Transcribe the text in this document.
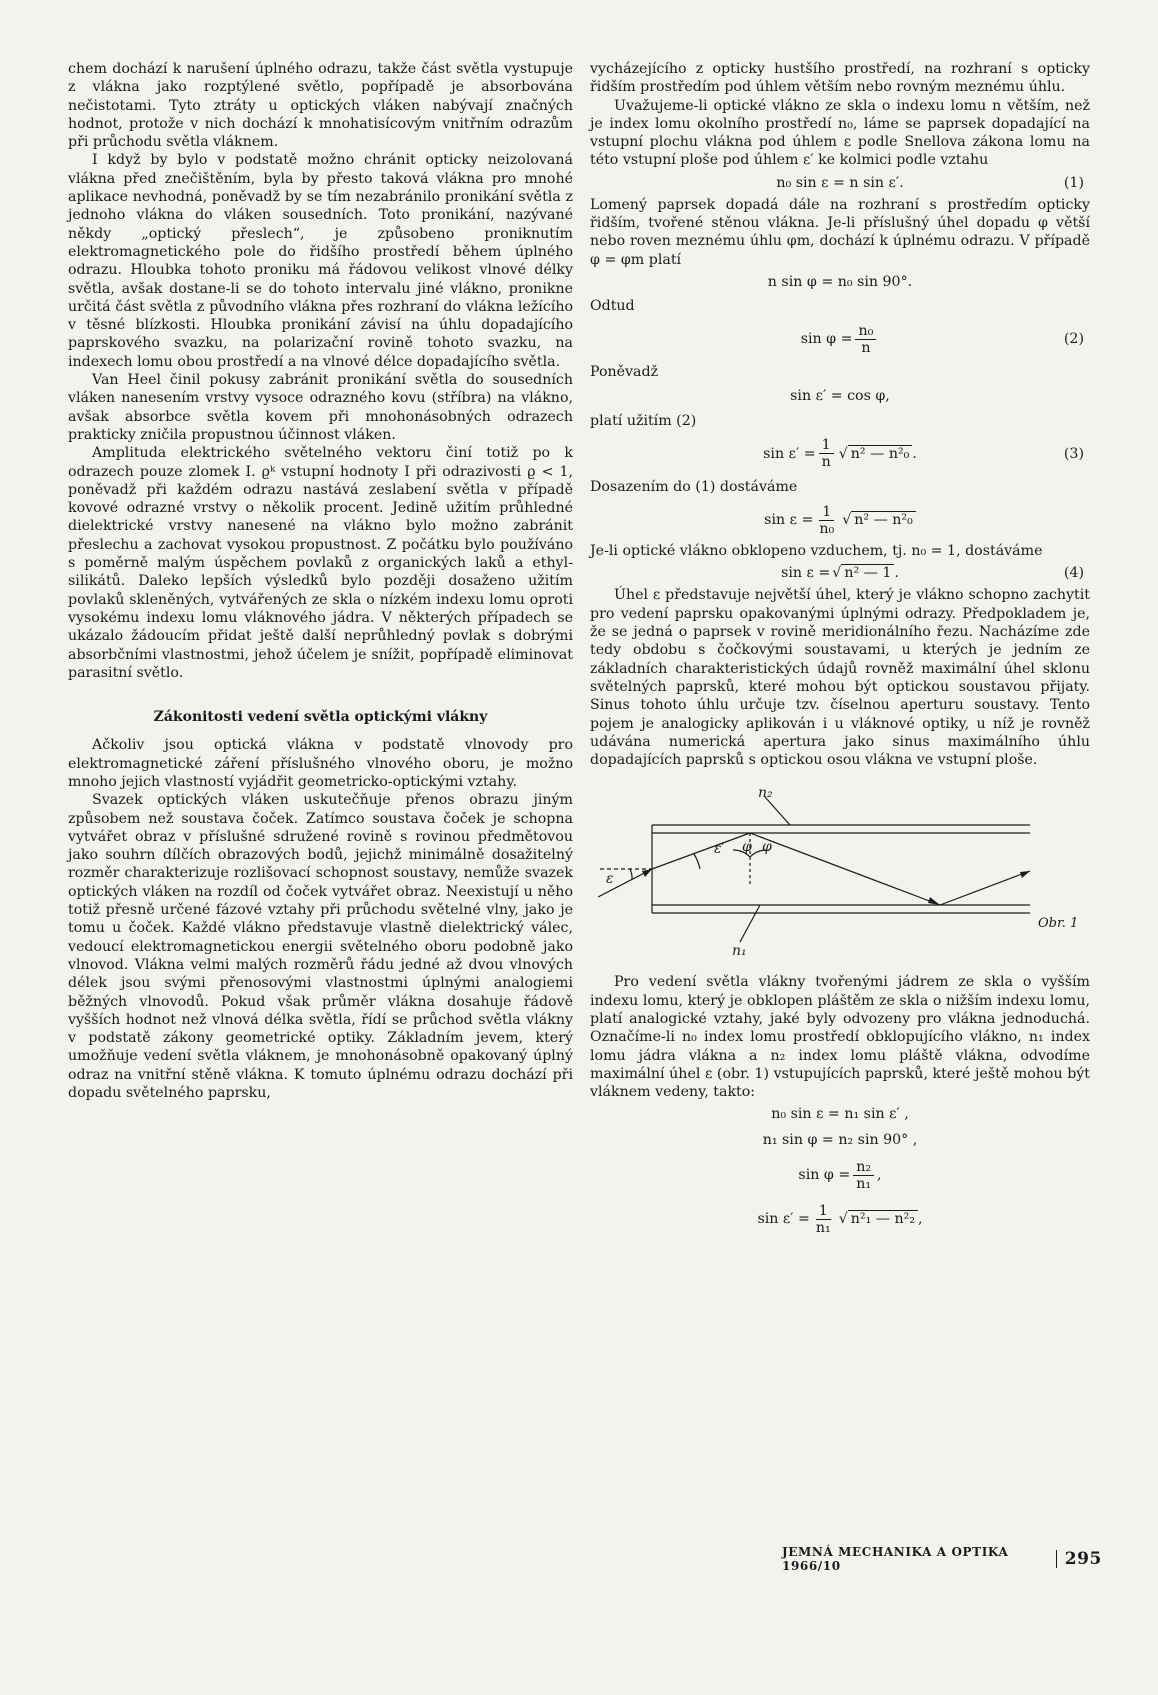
chem dochází k narušení úplného odrazu, takže část světla vystupuje z vlákna jako rozptýlené světlo, popřípadě je absorbována nečistotami. Tyto ztráty u optických vláken nabývají značných hodnot, protože v nich dochází k mnohatisícovým vnitřním odrazům při průchodu světla vláknem.

I když by bylo v podstatě možno chránit opticky neizolovaná vlákna před znečištěním, byla by přesto taková vlákna pro mnohé aplikace nevhodná, poněvadž by se tím nezabránilo pronikání světla z jednoho vlákna do vláken sousedních. Toto pronikání, nazývané někdy „optický přeslech“, je způsobeno proniknutím elektromagnetického pole do řidšího prostředí během úplného odrazu. Hloubka tohoto proniku má řádovou velikost vlnové délky světla, avšak dostane-li se do tohoto intervalu jiné vlákno, pronikne určitá část světla z původního vlákna přes rozhraní do vlákna ležícího v těsné blízkosti. Hloubka pronikání závisí na úhlu dopadajícího paprskového svazku, na polarizační rovině tohoto svazku, na indexech lomu obou prostředí a na vlnové délce dopadajícího světla.

Van Heel činil pokusy zabránit pronikání světla do sousedních vláken nanesením vrstvy vysoce odrazného kovu (stříbra) na vlákno, avšak absorbce světla kovem při mnohonásobných odrazech prakticky zničila propustnou účinnost vláken.

Amplituda elektrického světelného vektoru činí totiž po k odrazech pouze zlomek I. ϱᵏ vstupní hodnoty I při odrazivosti ϱ < 1, poněvadž při každém odrazu nastává zeslabení světla v případě kovové odrazné vrstvy o několik procent. Jedině užitím průhledné dielektrické vrstvy nanesené na vlákno bylo možno zabránit přeslechu a zachovat vysokou propustnost. Z počátku bylo používáno s poměrně malým úspěchem povlaků z organických laků a ethyl-silikátů. Daleko lepších výsledků bylo později dosaženo užitím povlaků skleněných, vytvářených ze skla o nízkém indexu lomu oproti vysokému indexu lomu vláknového jádra. V některých případech se ukázalo žádoucím přidat ještě další neprůhledný povlak s dobrými absorbčními vlastnostmi, jehož účelem je snížit, popřípadě eliminovat parasitní světlo.

Zákonitosti vedení světla optickými vlákny

Ačkoliv jsou optická vlákna v podstatě vlnovody pro elektromagnetické záření příslušného vlnového oboru, je možno mnoho jejich vlastností vyjádřit geometricko-optickými vztahy.

Svazek optických vláken uskutečňuje přenos obrazu jiným způsobem než soustava čoček. Zatímco soustava čoček je schopna vytvářet obraz v příslušné sdružené rovině s rovinou předmětovou jako souhrn dílčích obrazových bodů, jejichž minimálně dosažitelný rozměr charakterizuje rozlišovací schopnost soustavy, nemůže svazek optických vláken na rozdíl od čoček vytvářet obraz. Neexistují u něho totiž přesně určené fázové vztahy při průchodu světelné vlny, jako je tomu u čoček. Každé vlákno představuje vlastně dielektrický válec, vedoucí elektromagnetickou energii světelného oboru podobně jako vlnovod. Vlákna velmi malých rozměrů řádu jedné až dvou vlnových délek jsou svými přenosovými vlastnostmi úplnými analogiemi běžných vlnovodů. Pokud však průměr vlákna dosahuje řádově vyšších hodnot než vlnová délka světla, řídí se průchod světla vlákny v podstatě zákony geometrické optiky. Základním jevem, který umožňuje vedení světla vláknem, je mnohonásobně opakovaný úplný odraz na vnitřní stěně vlákna. K tomuto úplnému odrazu dochází při dopadu světelného paprsku,

vycházejícího z opticky hustšího prostředí, na rozhraní s opticky řidším prostředím pod úhlem větším nebo rovným meznému úhlu.

Uvažujeme-li optické vlákno ze skla o indexu lomu n větším, než je index lomu okolního prostředí n₀, lámе se paprsek dopadající na vstupní plochu vlákna pod úhlem ε podle Snellova zákona lomu na této vstupní ploše pod úhlem ε′ ke kolmici podle vztahu

n₀ sin ε = n sin ε′.	(1)

Lomený paprsek dopadá dále na rozhraní s prostředím opticky řidším, tvořené stěnou vlákna. Je-li příslušný úhel dopadu φ větší nebo roven meznému úhlu φm, dochází k úplnému odrazu. V případě φ = φm platí

n sin φ = n₀ sin 90°.
Odtud
$\sin \varphi = \frac{\text{n₀}}{n}$	(2)
Poněvadž
sin ε′ = cos φ,
platí užitím (2)
$\sin \varepsilon' = \frac{1}{n}$ √ n² — n²₀ .	(3)
Dosazením do (1) dostáváme
$\sin \varepsilon = \frac{1}{\text{n₀}}$ √ n² — n²₀

Je-li optické vlákno obklopeno vzduchem, tj. n₀ = 1, dostáváme

sin ε = √ n² — 1 .	(4)

Úhel ε představuje největší úhel, který je vlákno schopno zachytit pro vedení paprsku opakovanými úplnými odrazy. Předpokladem je, že se jedná o paprsek v rovině meridionálního řezu. Nacházíme zde tedy obdobu s čočkovými soustavami, u kterých je jedním ze základních charakteristických údajů rovněž maximální úhel sklonu světelných paprsků, které mohou být optickou soustavou přijaty. Sinus tohoto úhlu určuje tzv. číselnou aperturu soustavy. Tento pojem je analogicky aplikován i u vláknové optiky, u níž je rovněž udávána numerická apertura jako sinus maximálního úhlu dopadajících paprsků s optickou osou vlákna ve vstupní ploše.

n₂
n₁
ε
ε′ φ φ
Obr. 1

Pro vedení světla vlákny tvořenými jádrem ze skla o vyšším indexu lomu, který je obklopen pláštěm ze skla o nižším indexu lomu, platí analogické vztahy, jaké byly odvozeny pro vlákna jednoduchá. Označíme-li n₀ index lomu prostředí obklopujícího vlákno, n₁ index lomu jádra vlákna a n₂ index lomu pláště vlákna, odvodíme maximální úhel ε (obr. 1) vstupujících paprsků, které ještě mohou být vláknem vedeny, takto:

n₀ sin ε = n₁ sin ε′ ,
n₁ sin φ = n₂ sin 90° ,
$\sin \varphi = \frac{\text{n₂}}{\text{n₁}}$ ,
$\sin \varepsilon' = \frac{1}{\text{n₁}}$ √ n²₁ — n²₂ ,
JEMNÁ MECHANIKA A OPTIKA 1966/10	295
